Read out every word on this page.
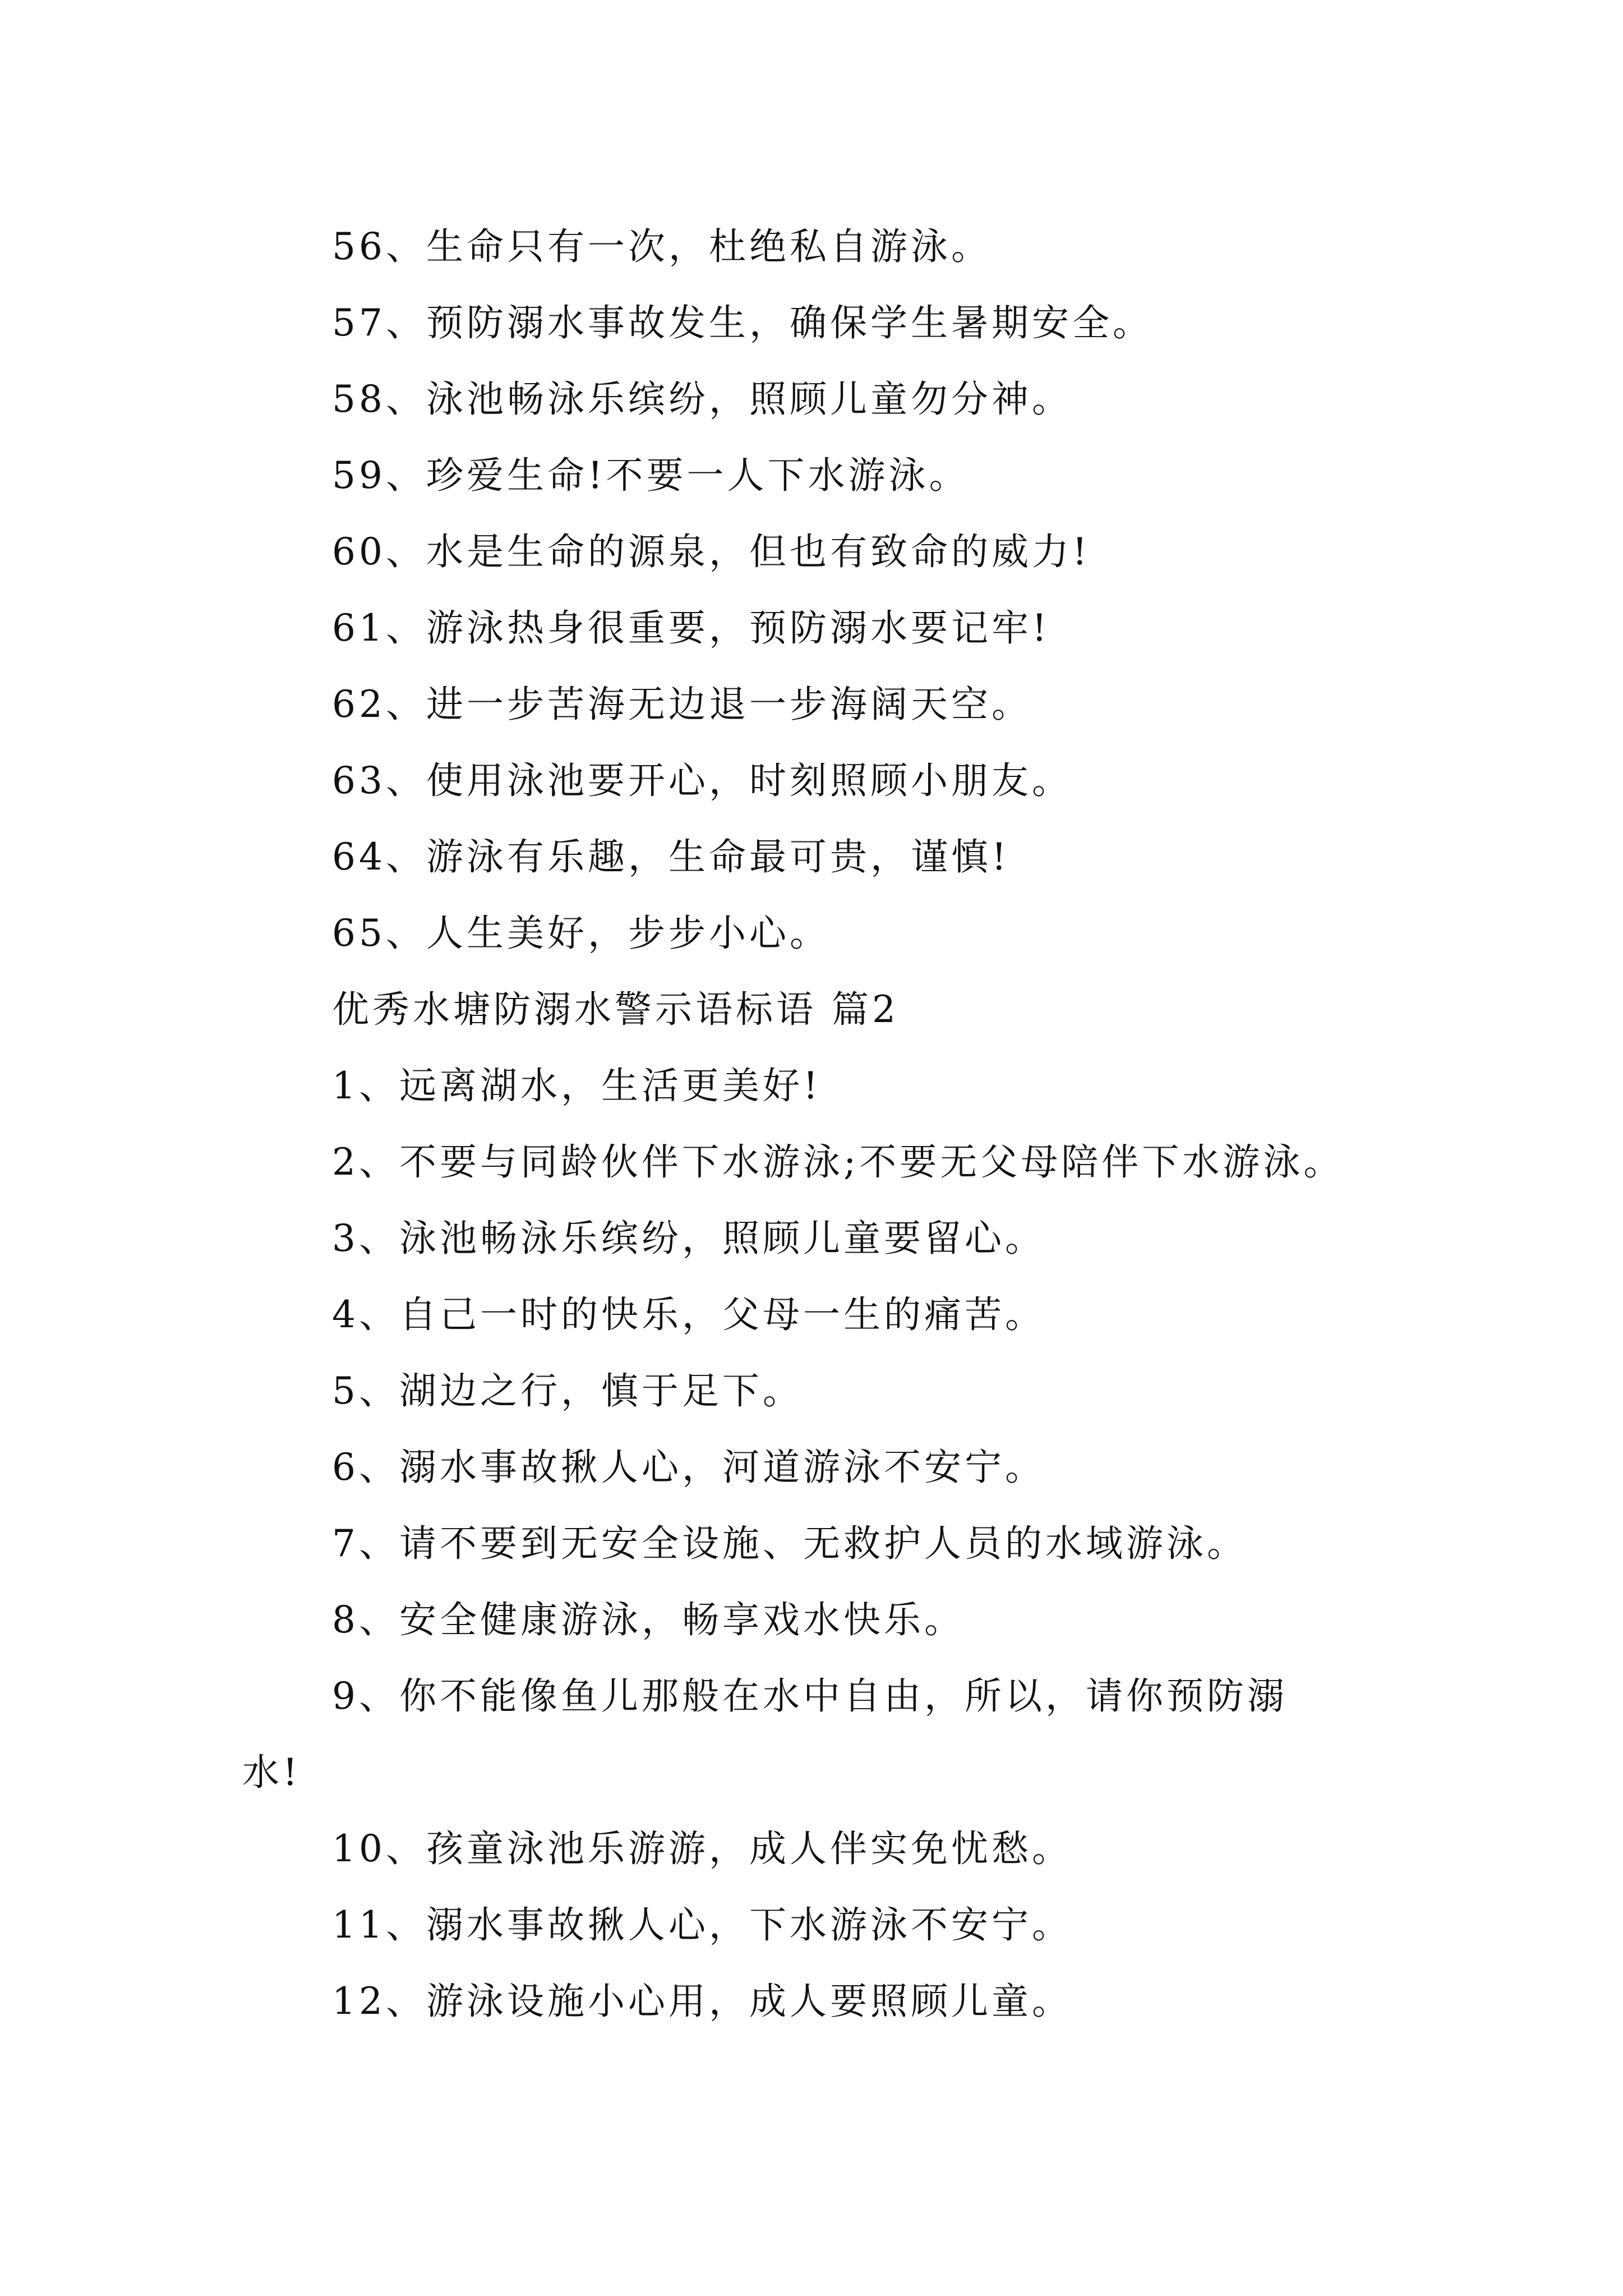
56、生命只有一次，杜绝私自游泳。
57、预防溺水事故发生，确保学生暑期安全。
58、泳池畅泳乐缤纷，照顾儿童勿分神。
59、珍爱生命!不要一人下水游泳。
60、水是生命的源泉，但也有致命的威力!
61、游泳热身很重要，预防溺水要记牢!
62、进一步苦海无边退一步海阔天空。
63、使用泳池要开心，时刻照顾小朋友。
64、游泳有乐趣，生命最可贵，谨慎!
65、人生美好，步步小心。
优秀水塘防溺水警示语标语 篇2
1、远离湖水，生活更美好!
2、不要与同龄伙伴下水游泳;不要无父母陪伴下水游泳。
3、泳池畅泳乐缤纷，照顾儿童要留心。
4、自己一时的快乐，父母一生的痛苦。
5、湖边之行，慎于足下。
6、溺水事故揪人心，河道游泳不安宁。
7、请不要到无安全设施、无救护人员的水域游泳。
8、安全健康游泳，畅享戏水快乐。
9、你不能像鱼儿那般在水中自由，所以，请你预防溺
水!
10、孩童泳池乐游游，成人伴实免忧愁。
11、溺水事故揪人心，下水游泳不安宁。
12、游泳设施小心用，成人要照顾儿童。
